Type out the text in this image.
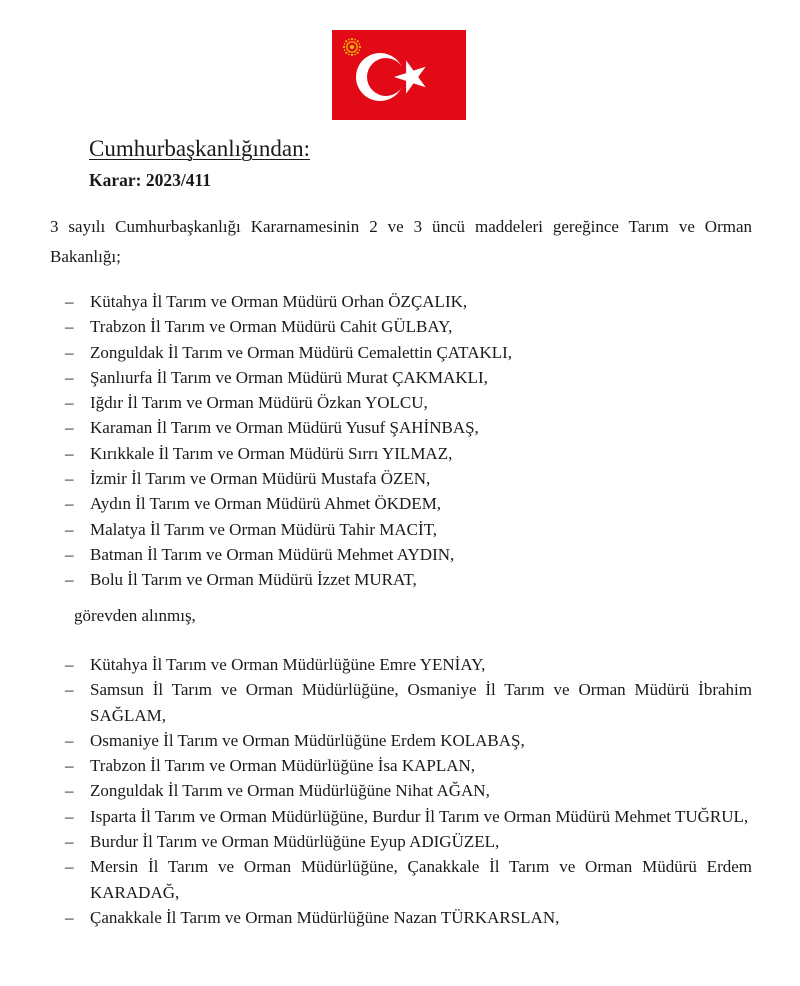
Cumhurbaşkanlığından:
Karar: 2023/411

3 sayılı Cumhurbaşkanlığı Kararnamesinin 2 ve 3 üncü maddeleri gereğince Tarım ve Orman Bakanlığı;

– Kütahya İl Tarım ve Orman Müdürü Orhan ÖZÇALIK,
– Trabzon İl Tarım ve Orman Müdürü Cahit GÜLBAY,
– Zonguldak İl Tarım ve Orman Müdürü Cemalettin ÇATAKLI,
– Şanlıurfa İl Tarım ve Orman Müdürü Murat ÇAKMAKLI,
– Iğdır İl Tarım ve Orman Müdürü Özkan YOLCU,
– Karaman İl Tarım ve Orman Müdürü Yusuf ŞAHİNBAŞ,
– Kırıkkale İl Tarım ve Orman Müdürü Sırrı YILMAZ,
– İzmir İl Tarım ve Orman Müdürü Mustafa ÖZEN,
– Aydın İl Tarım ve Orman Müdürü Ahmet ÖKDEM,
– Malatya İl Tarım ve Orman Müdürü Tahir MACİT,
– Batman İl Tarım ve Orman Müdürü Mehmet AYDIN,
– Bolu İl Tarım ve Orman Müdürü İzzet MURAT,
görevden alınmış,
– Kütahya İl Tarım ve Orman Müdürlüğüne Emre YENİAY,
– Samsun İl Tarım ve Orman Müdürlüğüne, Osmaniye İl Tarım ve Orman Müdürü İbrahim SAĞLAM,
– Osmaniye İl Tarım ve Orman Müdürlüğüne Erdem KOLABAŞ,
– Trabzon İl Tarım ve Orman Müdürlüğüne İsa KAPLAN,
– Zonguldak İl Tarım ve Orman Müdürlüğüne Nihat AĞAN,
– Isparta İl Tarım ve Orman Müdürlüğüne, Burdur İl Tarım ve Orman Müdürü Mehmet TUĞRUL,
– Burdur İl Tarım ve Orman Müdürlüğüne Eyup ADIGÜZEL,
– Mersin İl Tarım ve Orman Müdürlüğüne, Çanakkale İl Tarım ve Orman Müdürü Erdem KARADAĞ,
– Çanakkale İl Tarım ve Orman Müdürlüğüne Nazan TÜRKARSLAN,
